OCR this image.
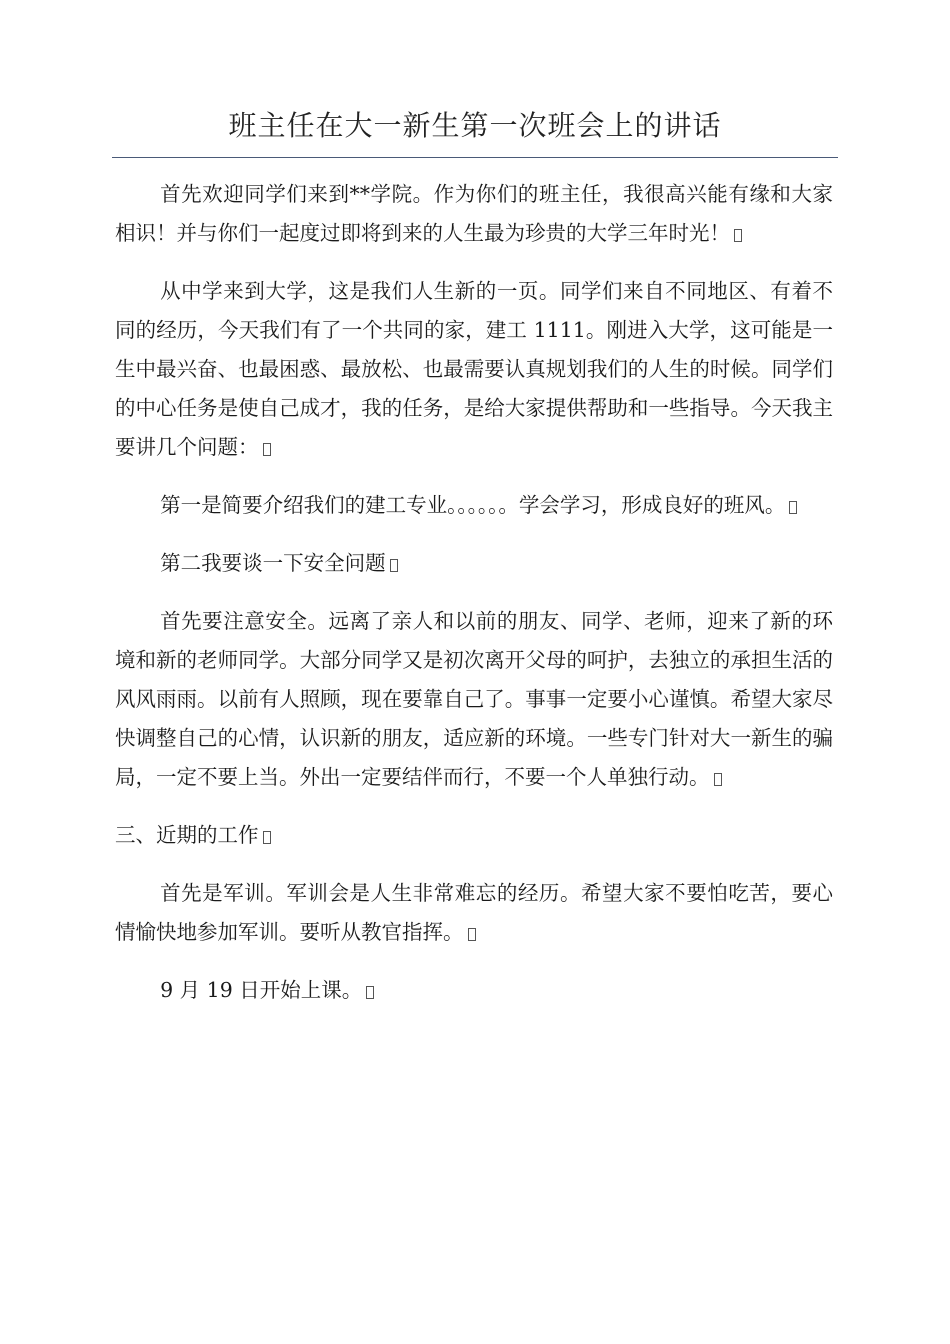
班主任在大一新生第一次班会上的讲话

首先欢迎同学们来到**学院。作为你们的班主任，我很高兴能有缘和大家相识！并与你们一起度过即将到来的人生最为珍贵的大学三年时光！

从中学来到大学，这是我们人生新的一页。同学们来自不同地区、有着不同的经历，今天我们有了一个共同的家，建工 1111。刚进入大学，这可能是一生中最兴奋、也最困惑、最放松、也最需要认真规划我们的人生的时候。同学们的中心任务是使自己成才，我的任务，是给大家提供帮助和一些指导。今天我主要讲几个问题：

第一是简要介绍我们的建工专业。。。。。。学会学习，形成良好的班风。

第二我要谈一下安全问题

首先要注意安全。远离了亲人和以前的朋友、同学、老师，迎来了新的环境和新的老师同学。大部分同学又是初次离开父母的呵护，去独立的承担生活的风风雨雨。以前有人照顾，现在要靠自己了。事事一定要小心谨慎。希望大家尽快调整自己的心情，认识新的朋友，适应新的环境。一些专门针对大一新生的骗局，一定不要上当。外出一定要结伴而行，不要一个人单独行动。

三、近期的工作

首先是军训。军训会是人生非常难忘的经历。希望大家不要怕吃苦，要心情愉快地参加军训。要听从教官指挥。

9 月 19 日开始上课。
